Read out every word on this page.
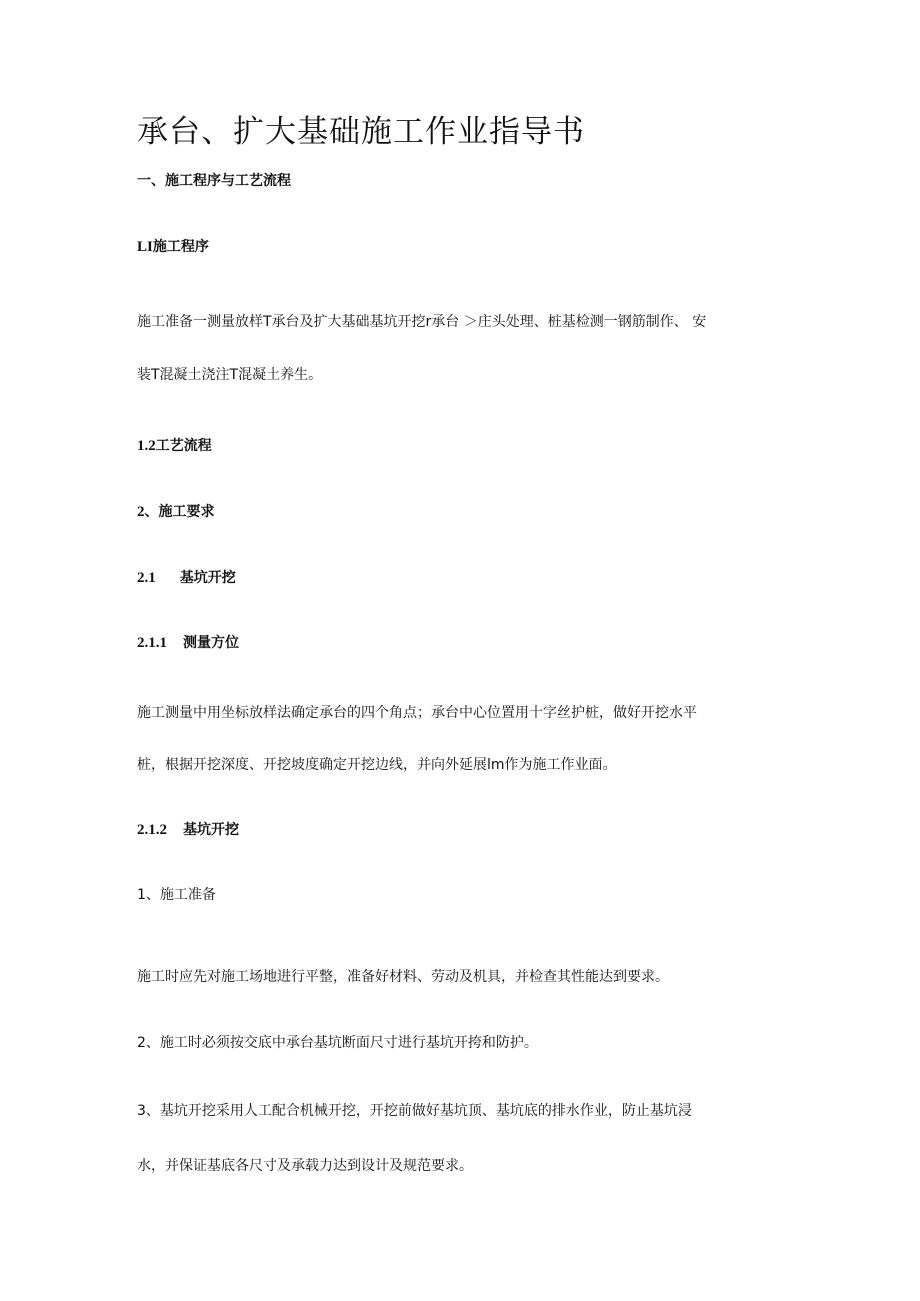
承台、扩大基础施工作业指导书
一、施工程序与工艺流程
LI施工程序
施工准备一测量放样T承台及扩大基础基坑开挖r承台 ＞庄头处理、桩基检测一钢筋制作、 安
装T混凝土浇注T混凝土养生。
1.2工艺流程
2、施工要求
2.1 基坑开挖
2.1.1 测量方位
施工测量中用坐标放样法确定承台的四个角点；承台中心位置用十字丝护桩，做好开挖水平
桩，根据开挖深度、开挖坡度确定开挖边线，并向外延展lm作为施工作业面。
2.1.2 基坑开挖
1、施工准备
施工时应先对施工场地进行平整，准备好材料、劳动及机具，并检查其性能达到要求。
2、施工时必须按交底中承台基坑断面尺寸进行基坑开挎和防护。
3、基坑开挖采用人工配合机械开挖，开挖前做好基坑顶、基坑底的排水作业，防止基坑浸
水，并保证基底各尺寸及承载力达到设计及规范要求。
